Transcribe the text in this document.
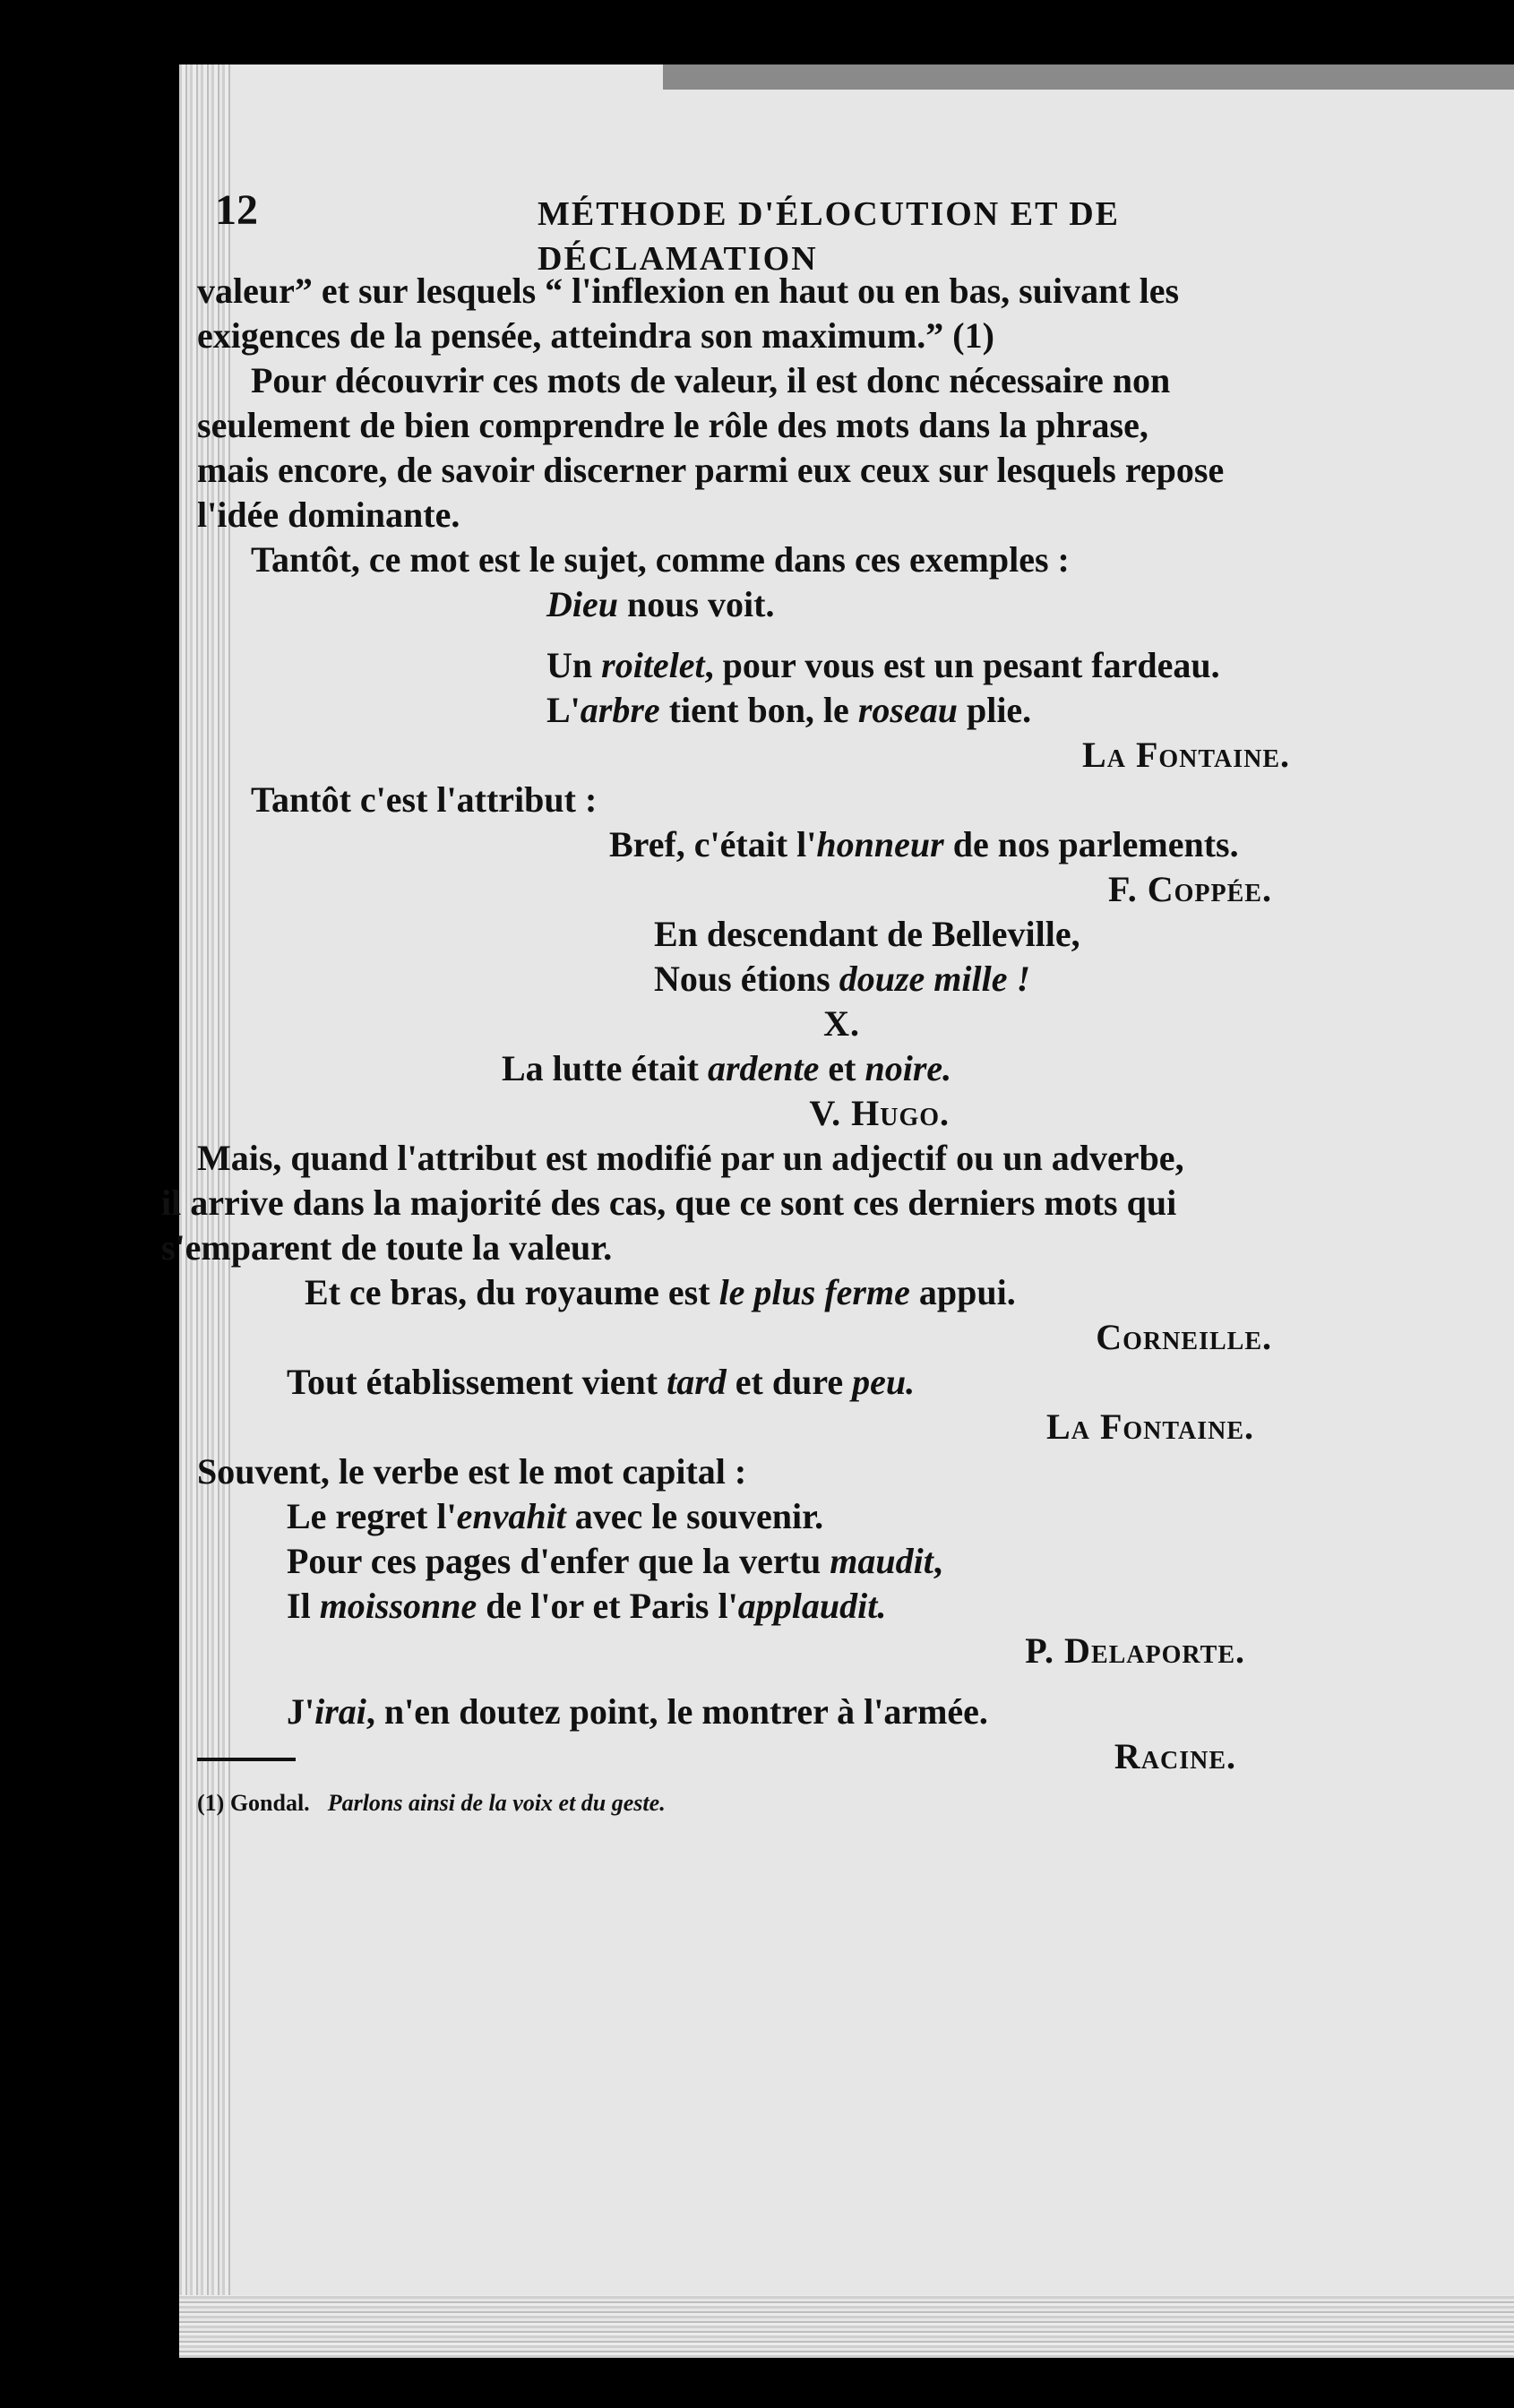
12	MÉTHODE D'ÉLOCUTION ET DE DÉCLAMATION

valeur” et sur lesquels “ l'inflexion en haut ou en bas, suivant les
exigences de la pensée, atteindra son maximum.” (1)

Pour découvrir ces mots de valeur, il est donc nécessaire non
seulement de bien comprendre le rôle des mots dans la phrase,
mais encore, de savoir discerner parmi eux ceux sur lesquels repose
l'idée dominante.

Tantôt, ce mot est le sujet, comme dans ces exemples :

Dieu nous voit.

Un roitelet, pour vous est un pesant fardeau.

L'arbre tient bon, le roseau plie.

La Fontaine.

Tantôt c'est l'attribut :

Bref, c'était l'honneur de nos parlements.

F. Coppée.

En descendant de Belleville,
Nous étions douze mille !

X.

La lutte était ardente et noire.

V. Hugo.

Mais, quand l'attribut est modifié par un adjectif ou un adverbe,
il arrive dans la majorité des cas, que ce sont ces derniers mots qui
s'emparent de toute la valeur.

Et ce bras, du royaume est le plus ferme appui.

Corneille.

Tout établissement vient tard et dure peu.

La Fontaine.

Souvent, le verbe est le mot capital :

Le regret l'envahit avec le souvenir.
Pour ces pages d'enfer que la vertu maudit,
Il moissonne de l'or et Paris l'applaudit.

P. Delaporte.

J'irai, n'en doutez point, le montrer à l'armée.

Racine.

(1) Gondal. Parlons ainsi de la voix et du geste.
